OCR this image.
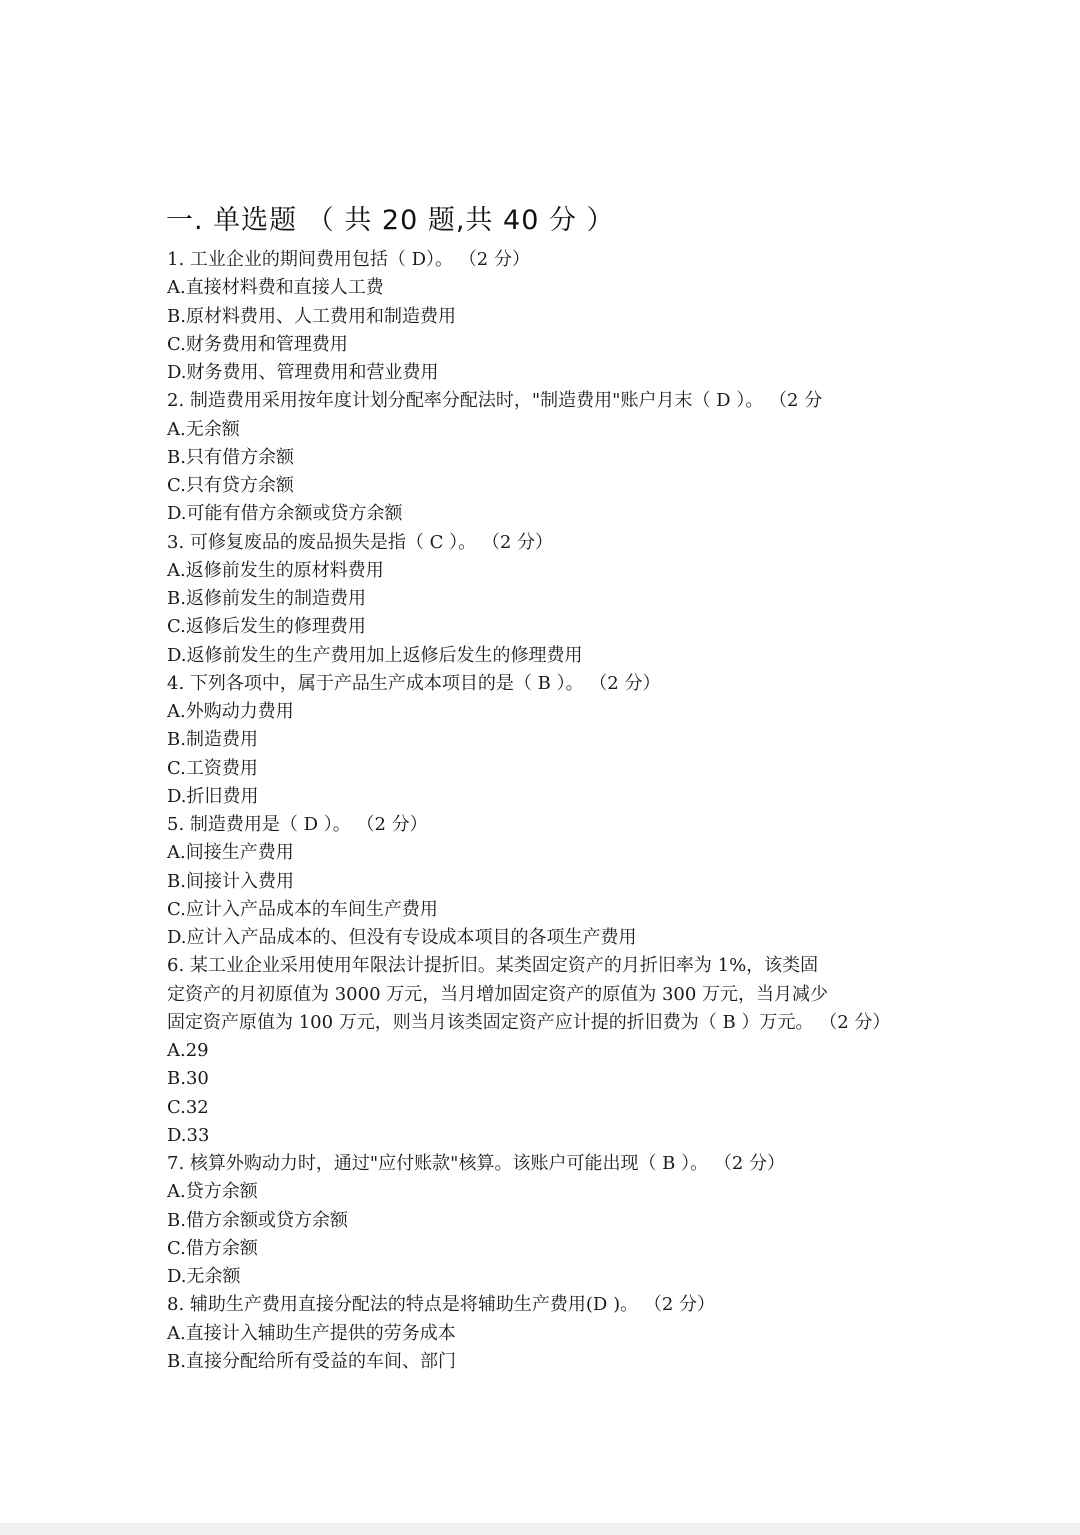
一. 单选题 （ 共 20 题,共 40 分 ）
1. 工业企业的期间费用包括（ D）。 （2 分）
A.直接材料费和直接人工费
B.原材料费用、人工费用和制造费用
C.财务费用和管理费用
D.财务费用、管理费用和营业费用
2. 制造费用采用按年度计划分配率分配法时，"制造费用"账户月末（ D ）。 （2 分
A.无余额
B.只有借方余额
C.只有贷方余额
D.可能有借方余额或贷方余额
3. 可修复废品的废品损失是指（ C ）。 （2 分）
A.返修前发生的原材料费用
B.返修前发生的制造费用
C.返修后发生的修理费用
D.返修前发生的生产费用加上返修后发生的修理费用
4. 下列各项中，属于产品生产成本项目的是（ B ）。 （2 分）
A.外购动力费用
B.制造费用
C.工资费用
D.折旧费用
5. 制造费用是（ D ）。 （2 分）
A.间接生产费用
B.间接计入费用
C.应计入产品成本的车间生产费用
D.应计入产品成本的、但没有专设成本项目的各项生产费用
6. 某工业企业采用使用年限法计提折旧。某类固定资产的月折旧率为 1%，该类固
定资产的月初原值为 3000 万元，当月增加固定资产的原值为 300 万元，当月减少
固定资产原值为 100 万元，则当月该类固定资产应计提的折旧费为（ B ）万元。 （2 分）
A.29
B.30
C.32
D.33
7. 核算外购动力时，通过"应付账款"核算。该账户可能出现（ B ）。 （2 分）
A.贷方余额
B.借方余额或贷方余额
C.借方余额
D.无余额
8. 辅助生产费用直接分配法的特点是将辅助生产费用(D )。 （2 分）
A.直接计入辅助生产提供的劳务成本
B.直接分配给所有受益的车间、部门
